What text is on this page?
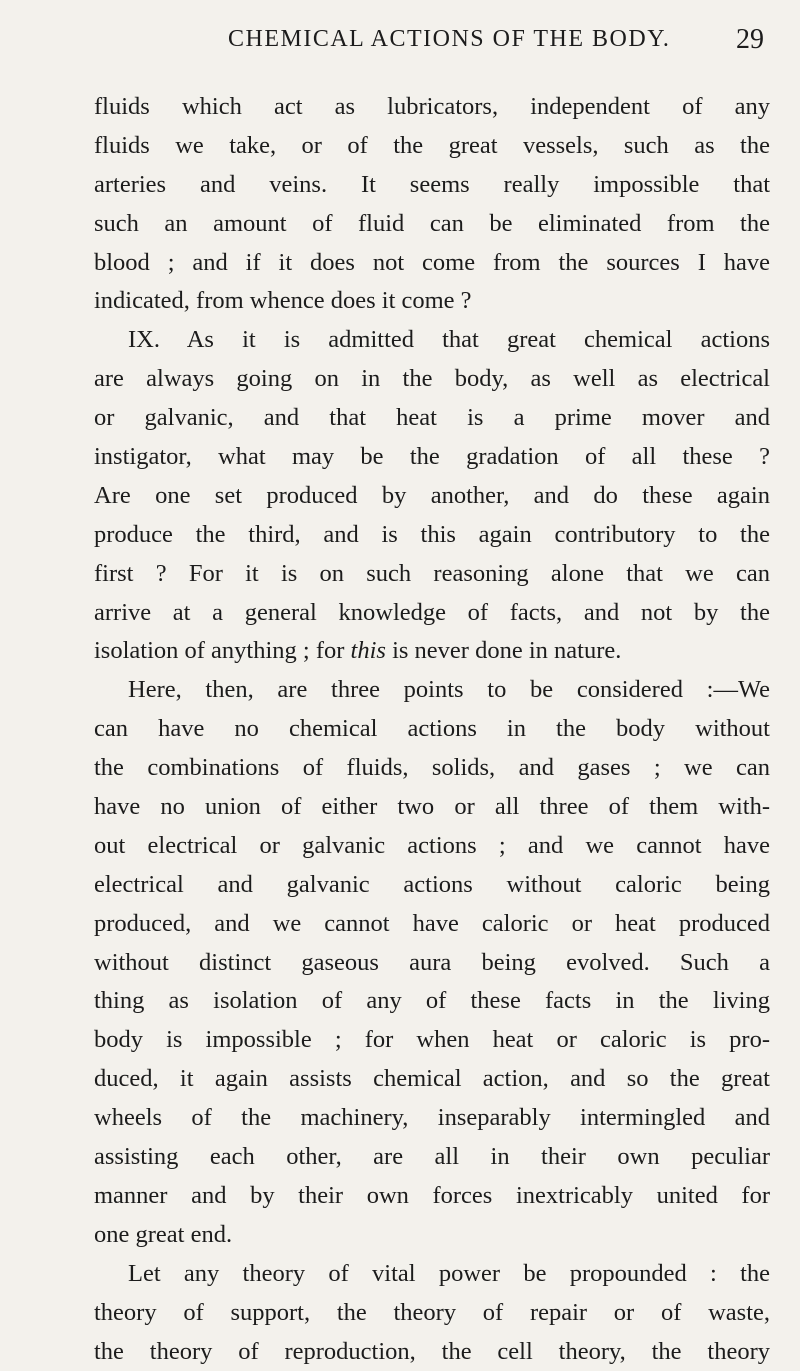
CHEMICAL ACTIONS OF THE BODY. 29
fluids which act as lubricators, independent of any
fluids we take, or of the great vessels, such as the
arteries and veins. It seems really impossible that
such an amount of fluid can be eliminated from the
blood ; and if it does not come from the sources I have
indicated, from whence does it come ?
IX. As it is admitted that great chemical actions
are always going on in the body, as well as electrical
or galvanic, and that heat is a prime mover and
instigator, what may be the gradation of all these ?
Are one set produced by another, and do these again
produce the third, and is this again contributory to the
first ? For it is on such reasoning alone that we can
arrive at a general knowledge of facts, and not by the
isolation of anything ; for this is never done in nature.
Here, then, are three points to be considered :—We
can have no chemical actions in the body without
the combinations of fluids, solids, and gases ; we can
have no union of either two or all three of them with-
out electrical or galvanic actions ; and we cannot have
electrical and galvanic actions without caloric being
produced, and we cannot have caloric or heat produced
without distinct gaseous aura being evolved. Such a
thing as isolation of any of these facts in the living
body is impossible ; for when heat or caloric is pro-
duced, it again assists chemical action, and so the great
wheels of the machinery, inseparably intermingled and
assisting each other, are all in their own peculiar
manner and by their own forces inextricably united for
one great end.
Let any theory of vital power be propounded : the
theory of support, the theory of repair or of waste,
the theory of reproduction, the cell theory, the theory
